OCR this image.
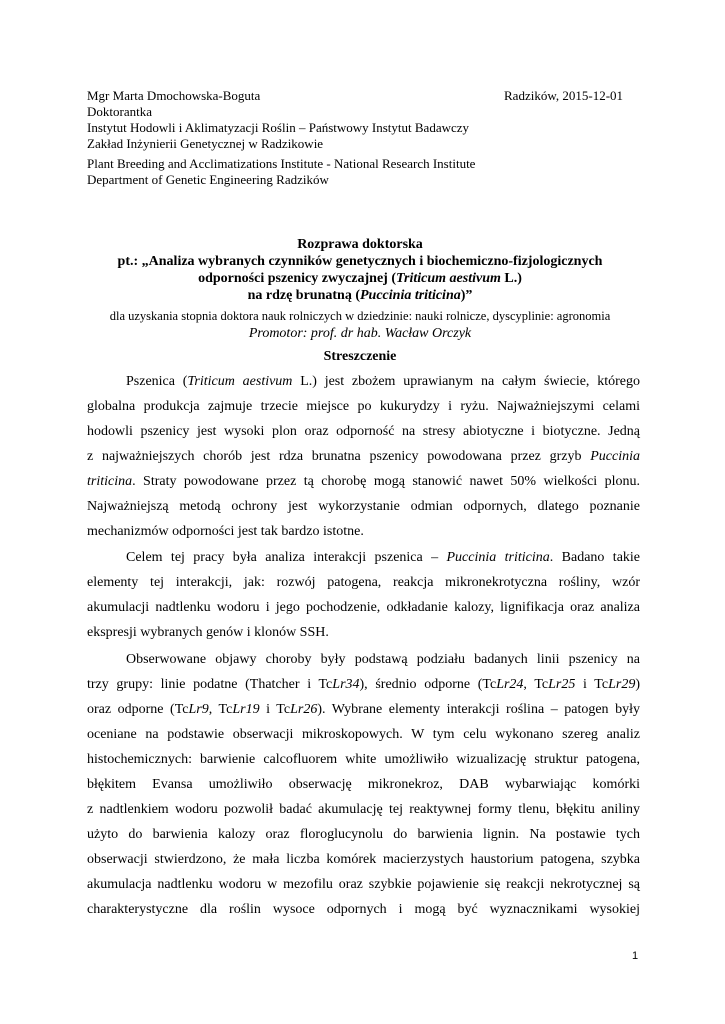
Mgr Marta Dmochowska-Boguta	Radzików, 2015-12-01
Doktorantka
Instytut Hodowli i Aklimatyzacji Roślin – Państwowy Instytut Badawczy
Zakład Inżynierii Genetycznej w Radzikowie
Plant Breeding and Acclimatizations Institute - National Research Institute
Department of Genetic Engineering Radzików
Rozprawa doktorska
pt.: „Analiza wybranych czynników genetycznych i biochemiczno-fizjologicznych
odporności pszenicy zwyczajnej (Triticum aestivum L.)
na rdzę brunatną (Puccinia triticina)”
dla uzyskania stopnia doktora nauk rolniczych w dziedzinie: nauki rolnicze, dyscyplinie: agronomia
Promotor: prof. dr hab. Wacław Orczyk
Streszczenie
Pszenica (Triticum aestivum L.) jest zbożem uprawianym na całym świecie, którego
globalna produkcja zajmuje trzecie miejsce po kukurydzy i ryżu. Najważniejszymi celami
hodowli pszenicy jest wysoki plon oraz odporność na stresy abiotyczne i biotyczne. Jedną
z najważniejszych chorób jest rdza brunatna pszenicy powodowana przez grzyb Puccinia
triticina. Straty powodowane przez tą chorobę mogą stanowić nawet 50% wielkości plonu.
Najważniejszą metodą ochrony jest wykorzystanie odmian odpornych, dlatego poznanie
mechanizmów odporności jest tak bardzo istotne.
Celem tej pracy była analiza interakcji pszenica – Puccinia triticina. Badano takie
elementy tej interakcji, jak: rozwój patogena, reakcja mikronekrotyczna rośliny, wzór
akumulacji nadtlenku wodoru i jego pochodzenie, odkładanie kalozy, lignifikacja oraz analiza
ekspresji wybranych genów i klonów SSH.
Obserwowane objawy choroby były podstawą podziału badanych linii pszenicy na
trzy grupy: linie podatne (Thatcher i TcLr34), średnio odporne (TcLr24, TcLr25 i TcLr29)
oraz odporne (TcLr9, TcLr19 i TcLr26). Wybrane elementy interakcji roślina – patogen były
oceniane na podstawie obserwacji mikroskopowych. W tym celu wykonano szereg analiz
histochemicznych: barwienie calcofluorem white umożliwiło wizualizację struktur patogena,
błękitem Evansa umożliwiło obserwację mikronekroz, DAB wybarwiając komórki
z nadtlenkiem wodoru pozwolił badać akumulację tej reaktywnej formy tlenu, błękitu aniliny
użyto do barwienia kalozy oraz floroglucynolu do barwienia lignin. Na postawie tych
obserwacji stwierdzono, że mała liczba komórek macierzystych haustorium patogena, szybka
akumulacja nadtlenku wodoru w mezofilu oraz szybkie pojawienie się reakcji nekrotycznej są
charakterystyczne dla roślin wysoce odpornych i mogą być wyznacznikami wysokiej
1
